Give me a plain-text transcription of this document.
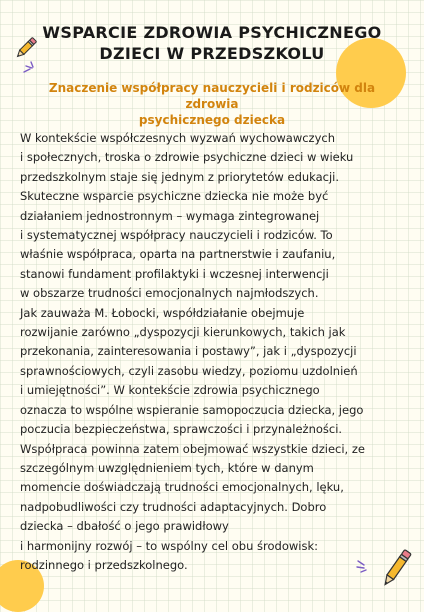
WSPARCIE ZDROWIA PSYCHICZNEGO
DZIECI W PRZEDSZKOLU
Znaczenie współpracy nauczycieli i rodziców dla zdrowia
psychicznego dziecka
W kontekście współczesnych wyzwań wychowawczych
i społecznych, troska o zdrowie psychiczne dzieci w wieku
przedszkolnym staje się jednym z priorytetów edukacji.
Skuteczne wsparcie psychiczne dziecka nie może być
działaniem jednostronnym – wymaga zintegrowanej
i systematycznej współpracy nauczycieli i rodziców. To
właśnie współpraca, oparta na partnerstwie i zaufaniu,
stanowi fundament profilaktyki i wczesnej interwencji
w obszarze trudności emocjonalnych najmłodszych.
Jak zauważa M. Łobocki, współdziałanie obejmuje
rozwijanie zarówno „dyspozycji kierunkowych, takich jak
przekonania, zainteresowania i postawy”, jak i „dyspozycji
sprawnościowych, czyli zasobu wiedzy, poziomu uzdolnień
i umiejętności”. W kontekście zdrowia psychicznego
oznacza to wspólne wspieranie samopoczucia dziecka, jego
poczucia bezpieczeństwa, sprawczości i przynależności.
Współpraca powinna zatem obejmować wszystkie dzieci, ze
szczególnym uwzględnieniem tych, które w danym
momencie doświadczają trudności emocjonalnych, lęku,
nadpobudliwości czy trudności adaptacyjnych. Dobro
dziecka – dbałość o jego prawidłowy
i harmonijny rozwój – to wspólny cel obu środowisk:
rodzinnego i przedszkolnego.
